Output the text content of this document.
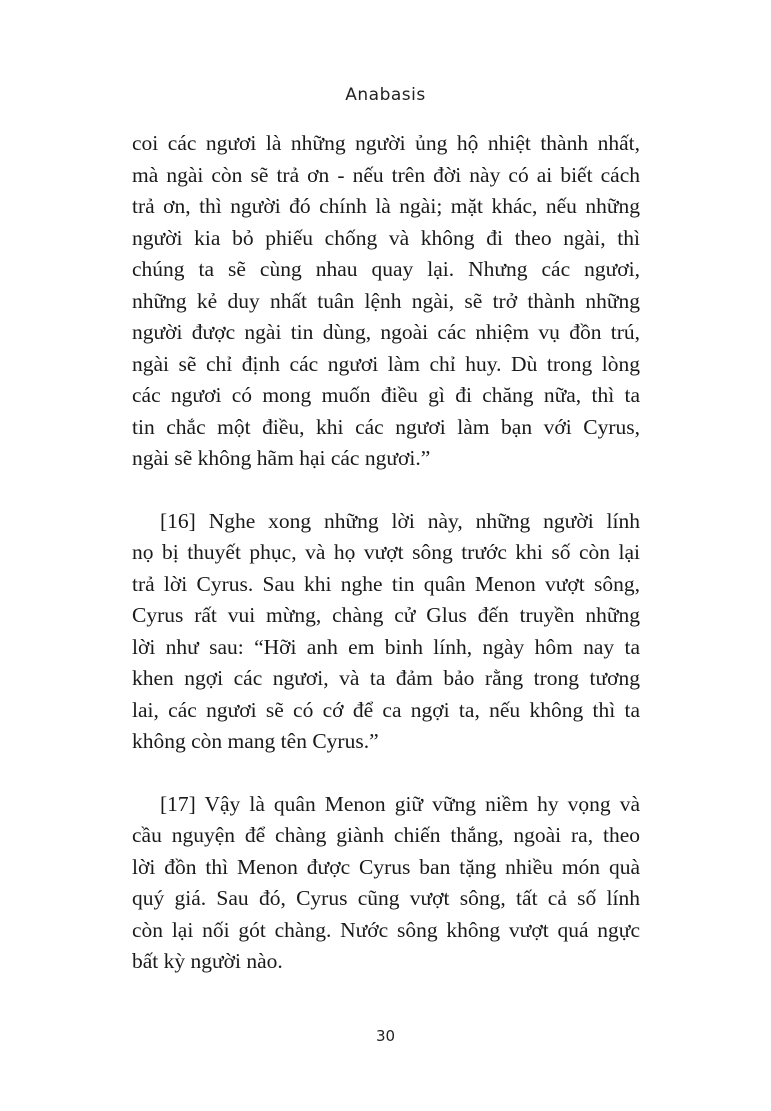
Anabasis

coi các ngươi là những người ủng hộ nhiệt thành nhất,
mà ngài còn sẽ trả ơn - nếu trên đời này có ai biết cách
trả ơn, thì người đó chính là ngài; mặt khác, nếu những
người kia bỏ phiếu chống và không đi theo ngài, thì
chúng ta sẽ cùng nhau quay lại. Nhưng các ngươi,
những kẻ duy nhất tuân lệnh ngài, sẽ trở thành những
người được ngài tin dùng, ngoài các nhiệm vụ đồn trú,
ngài sẽ chỉ định các ngươi làm chỉ huy. Dù trong lòng
các ngươi có mong muốn điều gì đi chăng nữa, thì ta
tin chắc một điều, khi các ngươi làm bạn với Cyrus,
ngài sẽ không hãm hại các ngươi.”

[16] Nghe xong những lời này, những người lính
nọ bị thuyết phục, và họ vượt sông trước khi số còn lại
trả lời Cyrus. Sau khi nghe tin quân Menon vượt sông,
Cyrus rất vui mừng, chàng cử Glus đến truyền những
lời như sau: “Hỡi anh em binh lính, ngày hôm nay ta
khen ngợi các ngươi, và ta đảm bảo rằng trong tương
lai, các ngươi sẽ có cớ để ca ngợi ta, nếu không thì ta
không còn mang tên Cyrus.”

[17] Vậy là quân Menon giữ vững niềm hy vọng và
cầu nguyện để chàng giành chiến thắng, ngoài ra, theo
lời đồn thì Menon được Cyrus ban tặng nhiều món quà
quý giá. Sau đó, Cyrus cũng vượt sông, tất cả số lính
còn lại nối gót chàng. Nước sông không vượt quá ngực
bất kỳ người nào.

30
